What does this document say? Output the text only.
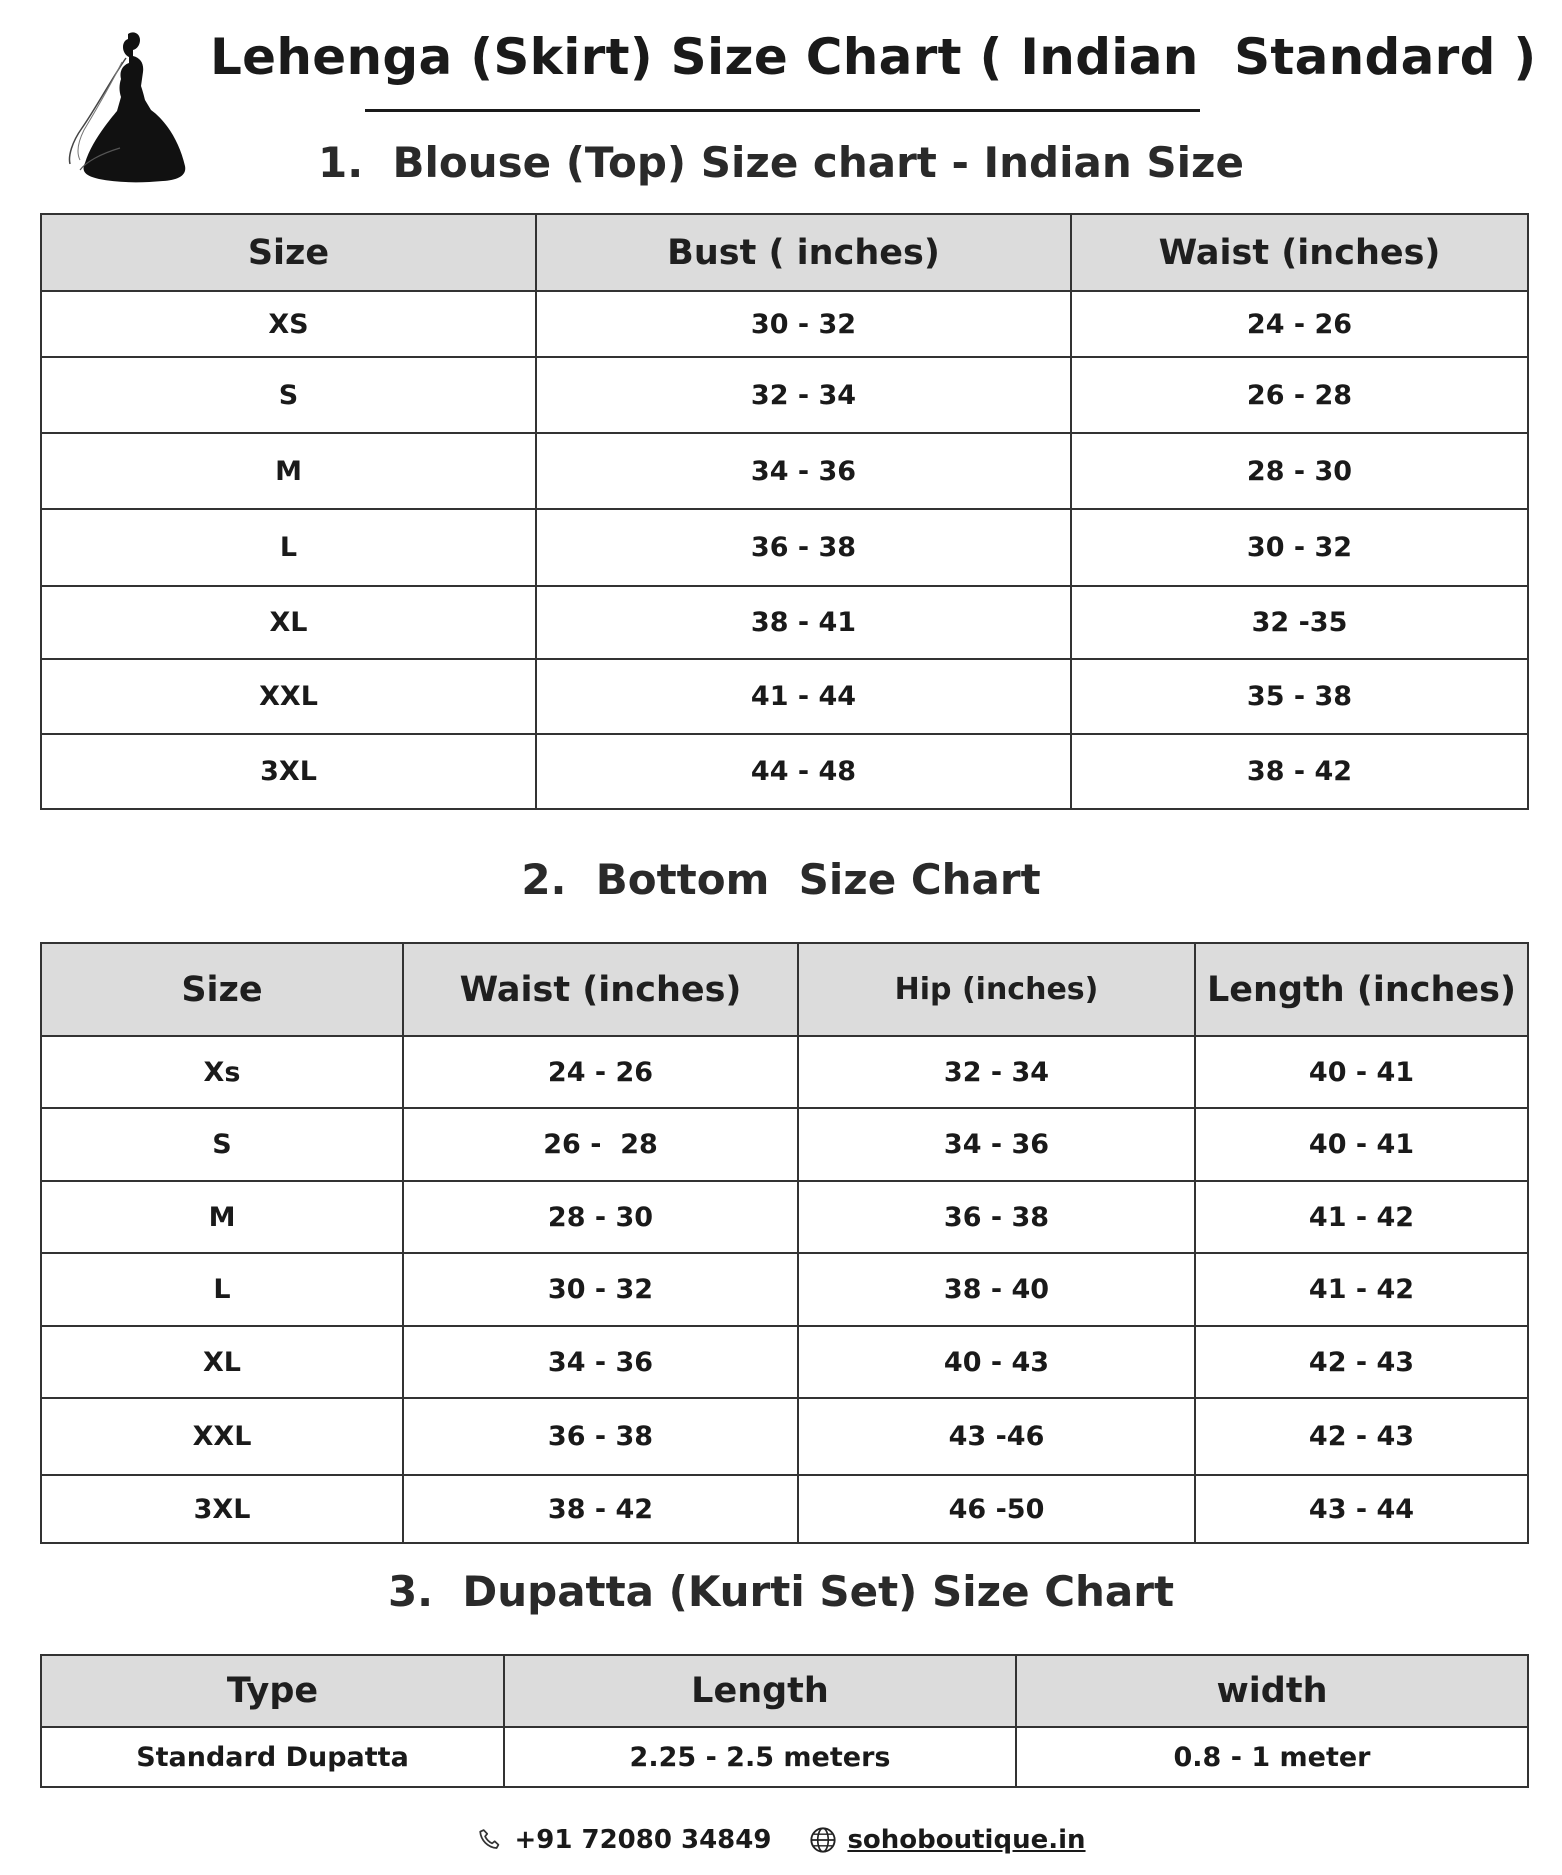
Lehenga (Skirt) Size Chart ( Indian  Standard )
1.  Blouse (Top) Size chart - Indian Size
Size	Bust ( inches)	Waist (inches)
XS	30 - 32	24 - 26
S	32 - 34	26 - 28
M	34 - 36	28 - 30
L	36 - 38	30 - 32
XL	38 - 41	32 -35
XXL	41 - 44	35 - 38
3XL	44 - 48	38 - 42
2.  Bottom  Size Chart
Size	Waist (inches)	Hip (inches)	Length (inches)
Xs	24 - 26	32 - 34	40 - 41
S	26 -  28	34 - 36	40 - 41
M	28 - 30	36 - 38	41 - 42
L	30 - 32	38 - 40	41 - 42
XL	34 - 36	40 - 43	42 - 43
XXL	36 - 38	43 -46	42 - 43
3XL	38 - 42	46 -50	43 - 44
3.  Dupatta (Kurti Set) Size Chart
Type	Length	width
Standard Dupatta	2.25 - 2.5 meters	0.8 - 1 meter
+91 72080 34849	sohoboutique.in
